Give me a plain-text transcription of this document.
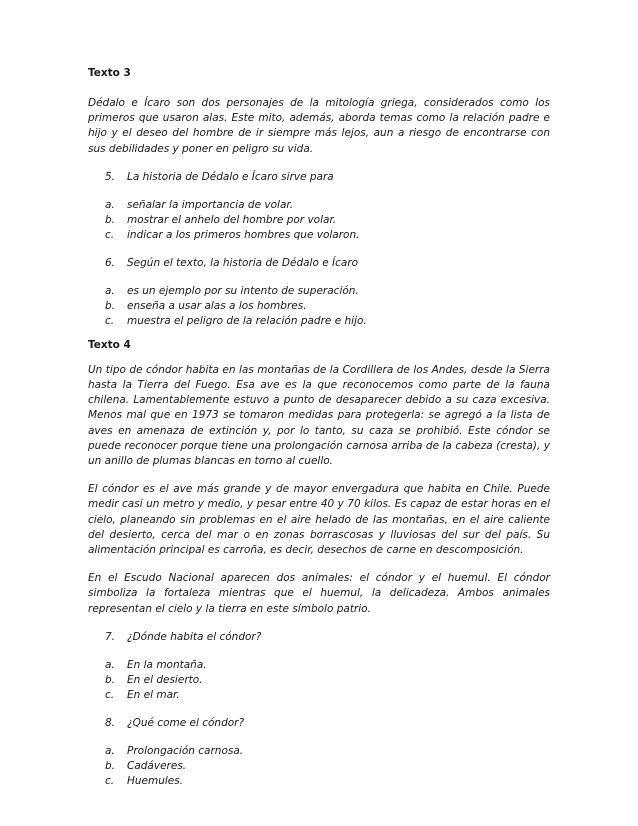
Texto 3

Dédalo e Ícaro son dos personajes de la mitología griega, considerados como los primeros que usaron alas. Este mito, además, aborda temas como la relación padre e hijo y el deseo del hombre de ir siempre más lejos, aun a riesgo de encontrarse con sus debilidades y poner en peligro su vida.

5.	La historia de Dédalo e Ícaro sirve para

a.	señalar la importancia de volar.
b.	mostrar el anhelo del hombre por volar.
c.	indicar a los primeros hombres que volaron.

6.	Según el texto, la historia de Dédalo e Ícaro

a.	es un ejemplo por su intento de superación.
b.	enseña a usar alas a los hombres.
c.	muestra el peligro de la relación padre e hijo.

Texto 4

Un tipo de cóndor habita en las montañas de la Cordillera de los Andes, desde la Sierra hasta la Tierra del Fuego. Esa ave es la que reconocemos como parte de la fauna chilena. Lamentablemente estuvo a punto de desaparecer debido a su caza excesiva. Menos mal que en 1973 se tomaron medidas para protegerla: se agregó a la lista de aves en amenaza de extinción y, por lo tanto, su caza se prohibió. Este cóndor se puede reconocer porque tiene una prolongación carnosa arriba de la cabeza (cresta), y un anillo de plumas blancas en torno al cuello.

El cóndor es el ave más grande y de mayor envergadura que habita en Chile. Puede medir casi un metro y medio, y pesar entre 40 y 70 kilos. Es capaz de estar horas en el cielo, planeando sin problemas en el aire helado de las montañas, en el aire caliente del desierto, cerca del mar o en zonas borrascosas y lluviosas del sur del país. Su alimentación principal es carroña, es decir, desechos de carne en descomposición.

En el Escudo Nacional aparecen dos animales: el cóndor y el huemul. El cóndor simboliza la fortaleza mientras que el huemul, la delicadeza. Ambos animales representan el cielo y la tierra en este símbolo patrio.

7.	¿Dónde habita el cóndor?

a.	En la montaña.
b.	En el desierto.
c.	En el mar.

8.	¿Qué come el cóndor?

a.	Prolongación carnosa.
b.	Cadáveres.
c.	Huemules.
